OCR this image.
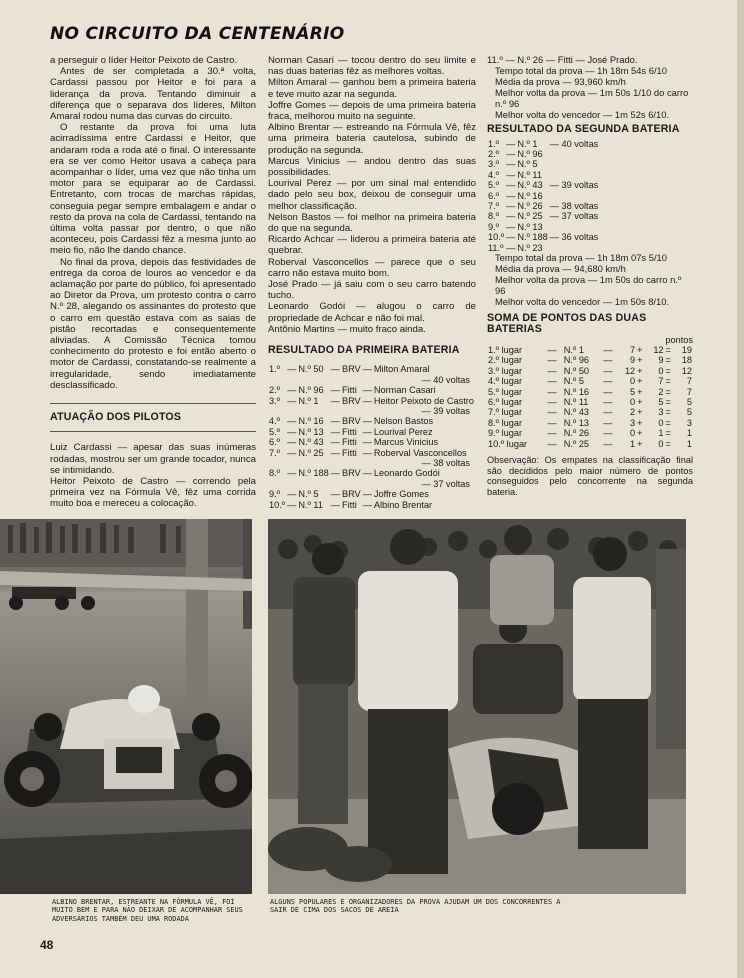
NO CIRCUITO DA CENTENÁRIO

a perseguir o líder Heitor Peixoto de Castro.

Antes de ser completada a 30.ª volta, Cardassi passou por Heitor e foi para a liderança da prova. Tentando diminuir a diferença que o separava dos líderes, Milton Amaral rodou numa das curvas do circuito.

O restante da prova foi uma luta acirradíssima entre Cardassi e Heitor, que andaram roda a roda até o final. O interessante era se ver como Heitor usava a cabeça para acompanhar o líder, uma vez que não tinha um motor para se equiparar ao de Cardassi. Entretanto, com trocas de marchas rápidas, conseguia pegar sempre embalagem e andar o resto da prova na cola de Cardassi, tentando na última volta passar por dentro, o que não aconteceu, pois Cardassi fêz a mesma junto ao meio fio, não lhe dando chance.

No final da prova, depois das festividades de entrega da coroa de louros ao vencedor e da aclamação por parte do público, foi apresentado ao Diretor da Prova, um protesto contra o carro N.º 28, alegando os assinantes do protesto que o carro em questão estava com as saias de pistão recortadas e consequentemente aliviadas. A Comissão Técnica tomou conhecimento do protesto e foi então aberto o motor de Cardassi, constatando-se realmente a irregularidade, sendo imediatamente desclassificado.

ATUAÇÃO DOS PILOTOS

Luiz Cardassi — apesar das suas inúmeras rodadas, mostrou ser um grande tocador, nunca se intimidando.

Heitor Peixoto de Castro — correndo pela primeira vez na Fórmula Vê, fêz uma corrida muito boa e mereceu a colocação.

Norman Casari — tocou dentro do seu limite e nas duas baterias fêz as melhores voltas.

Milton Amaral — ganhou bem a primeira bateria e teve muito azar na segunda.

Joffre Gomes — depois de uma primeira bateria fraca, melhorou muito na seguinte.

Albino Brentar — estreando na Fórmula Vê, fêz uma primeira bateria cautelosa, subindo de produção na segunda.

Marcus Vinicius — andou dentro das suas possibilidades.

Lourival Perez — por um sinal mal entendido dado pelo seu box, deixou de conseguir uma melhor classificação.

Nelson Bastos — foi melhor na primeira bateria do que na segunda.

Ricardo Achcar — liderou a primeira bateria até quebrar.

Roberval Vasconcellos — parece que o seu carro não estava muito bom.

José Prado — já saiu com o seu carro batendo tucho.

Leonardo Godói — alugou o carro de propriedade de Achcar e não foi mal.

Antônio Martins — muito fraco ainda.

RESULTADO DA PRIMEIRA BATERIA
1.º	—	N.º 50	—	BRV	—	Milton Amaral
— 40 voltas						
2.º	—	N.º 96	—	Fitti	—	Norman Casari
3.º	—	N.º 1	—	BRV	—	Heitor Peixoto de Castro
— 39 voltas						
4.º	—	N.º 16	—	BRV	—	Nelson Bastos
5.º	—	N.º 13	—	Fitti	—	Lourival Perez
6.º	—	N.º 43	—	Fitti	—	Marcus Vinicius
7.º	—	N.º 25	—	Fitti	—	Roberval Vasconcellos
— 38 voltas						
8.º	—	N.º 188	—	BRV	—	Leonardo Godói
— 37 voltas						
9.º	—	N.º 5	—	BRV	—	Joffre Gomes
10.º	—	N.º 11	—	Fitti	—	Albino Brentar
11.º — N.º 26 — Fitti — José Prado.
Tempo total da prova — 1h 18m 54s 6/10
Média da prova — 93,960 km/h
Melhor volta da prova — 1m 50s 1/10 do carro n.º 96
Melhor volta do vencedor — 1m 52s 6/10.
RESULTADO DA SEGUNDA BATERIA
1.º	—	N.º 1	— 40 voltas
2.º	—	N.º 96	
3.º	—	N.º 5	
4.º	—	N.º 11	
5.º	—	N.º 43	— 39 voltas
6.º	—	N.º 16	
7.º	—	N.º 26	— 38 voltas
8.º	—	N.º 25	— 37 voltas
9.º	—	N.º 13	
10.º	—	N.º 188	— 36 voltas
11.º	—	N.º 23	
Tempo total da prova — 1h 18m 07s 5/10
Média da prova — 94,680 km/h
Melhor volta da prova — 1m 50s do carro n.º 96
Melhor volta do vencedor — 1m 50s 8/10.
SOMA DE PONTOS DAS DUAS BATERIAS
pontos
1.º lugar	—	N.º 1	—	7	+	12	=	19
2.º lugar	—	N.º 96	—	9	+	9	=	18
3.º lugar	—	N.º 50	—	12	+	0	=	12
4.º lugar	—	N.º 5	—	0	+	7	=	7
5.º lugar	—	N.º 16	—	5	+	2	=	7
6.º lugar	—	N.º 11	—	0	+	5	=	5
7.º lugar	—	N.º 43	—	2	+	3	=	5
8.º lugar	—	N.º 13	—	3	+	0	=	3
9.º lugar	—	N.º 26	—	0	+	1	=	1
10.º lugar	—	N.º 25	—	1	+	0	=	1
Observação: Os empates na classificação final são decididos pelo maior número de pontos conseguidos pelo concorrente na segunda bateria.
ALBINO BRENTAR, ESTREANTE NA FÓRMULA VÊ, FOI MUITO BEM E PARA NÃO DEIXAR DE ACOMPANHAR SEUS ADVERSÁRIOS TAMBÉM DEU UMA RODADA
ALGUNS POPULARES E ORGANIZADORES DA PROVA AJUDAM UM DOS CONCORRENTES A SAIR DE CIMA DOS SACOS DE AREIA
48
